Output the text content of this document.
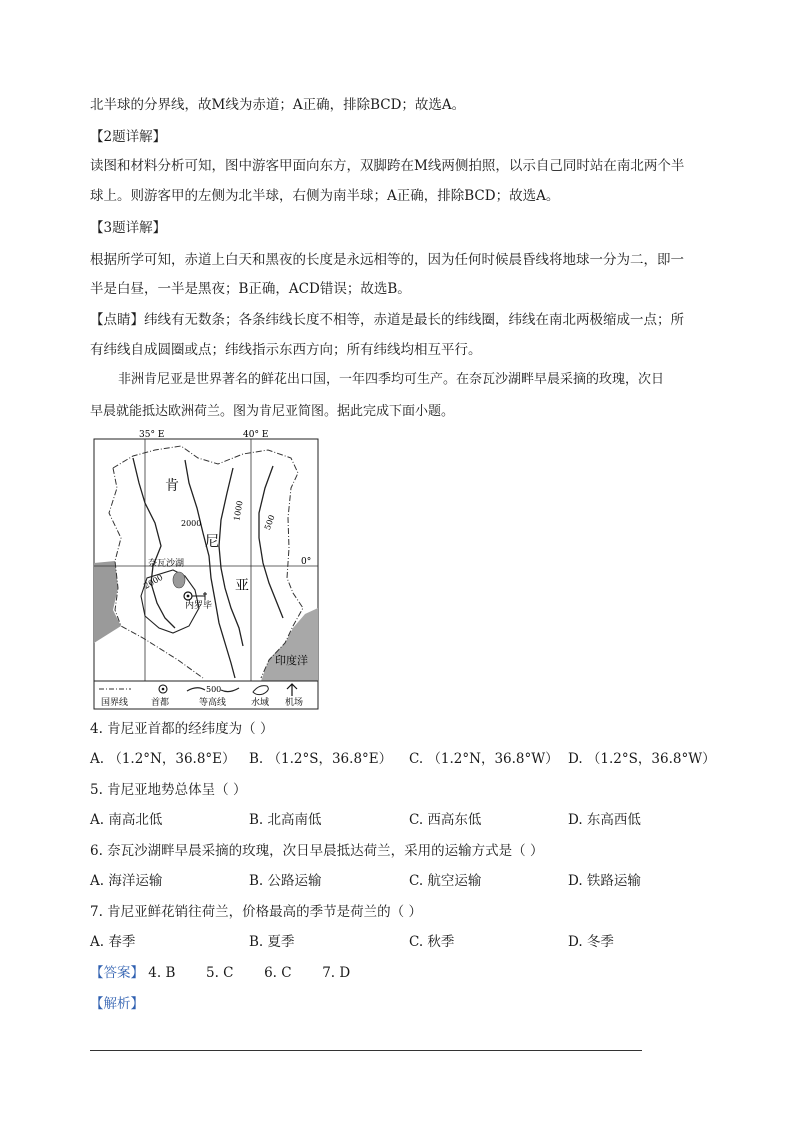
北半球的分界线，故M线为赤道；A正确，排除BCD；故选A。
【2题详解】
读图和材料分析可知，图中游客甲面向东方，双脚跨在M线两侧拍照，以示自己同时站在南北两个半
球上。则游客甲的左侧为北半球，右侧为南半球；A正确，排除BCD；故选A。
【3题详解】
根据所学可知，赤道上白天和黑夜的长度是永远相等的，因为任何时候晨昏线将地球一分为二，即一
半是白昼，一半是黑夜；B正确，ACD错误；故选B。
【点睛】纬线有无数条；各条纬线长度不相等，赤道是最长的纬线圈，纬线在南北两极缩成一点；所
有纬线自成圆圈或点；纬线指示东西方向；所有纬线均相互平行。
非洲肯尼亚是世界著名的鲜花出口国，一年四季均可生产。在奈瓦沙湖畔早晨采摘的玫瑰，次日
早晨就能抵达欧洲荷兰。图为肯尼亚简图。据此完成下面小题。
35° E	40° E
0°
肯
尼
亚
2000
2000
1000
500
奈瓦沙湖
内罗毕
印度洋
500
国界线	首都	等高线	水域 机场
4. 肯尼亚首都的经纬度为（ ）
A. （1.2°N，36.8°E） B. （1.2°S，36.8°E） C. （1.2°N，36.8°W） D. （1.2°S，36.8°W）
5. 肯尼亚地势总体呈（ ）
A. 南高北低	B. 北高南低	C. 西高东低	D. 东高西低
6. 奈瓦沙湖畔早晨采摘的玫瑰，次日早晨抵达荷兰，采用的运输方式是（ ）
A. 海洋运输	B. 公路运输	C. 航空运输	D. 铁路运输
7. 肯尼亚鲜花销往荷兰，价格最高的季节是荷兰的（ ）
A. 春季	B. 夏季	C. 秋季	D. 冬季
【答案】 4. B 5. C 6. C 7. D
【解析】
